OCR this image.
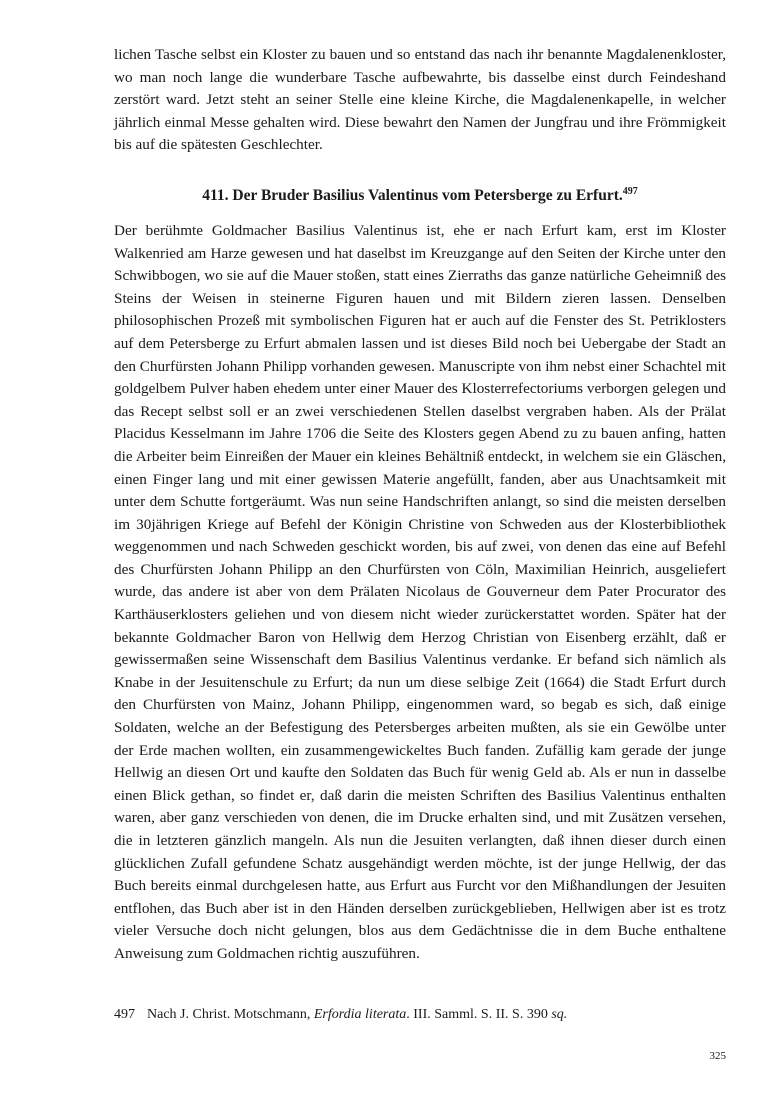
lichen Tasche selbst ein Kloster zu bauen und so entstand das nach ihr benannte Magdalenenkloster, wo man noch lange die wunderbare Tasche aufbewahrte, bis dasselbe einst durch Feindeshand zerstört ward. Jetzt steht an seiner Stelle eine kleine Kirche, die Magdalenenkapelle, in welcher jährlich einmal Messe gehalten wird. Diese bewahrt den Namen der Jungfrau und ihre Frömmigkeit bis auf die spätesten Geschlechter.

411. Der Bruder Basilius Valentinus vom Petersberge zu Erfurt.$^{497}$

Der berühmte Goldmacher Basilius Valentinus ist, ehe er nach Erfurt kam, erst im Kloster Walkenried am Harze gewesen und hat daselbst im Kreuzgange auf den Seiten der Kirche unter den Schwibbogen, wo sie auf die Mauer stoßen, statt eines Zierraths das ganze natürliche Geheimniß des Steins der Weisen in steinerne Figuren hauen und mit Bildern zieren lassen. Denselben philosophischen Prozeß mit symbolischen Figuren hat er auch auf die Fenster des St. Petriklosters auf dem Petersberge zu Erfurt abmalen lassen und ist dieses Bild noch bei Uebergabe der Stadt an den Churfürsten Johann Philipp vorhanden gewesen. Manuscripte von ihm nebst einer Schachtel mit goldgelbem Pulver haben ehedem unter einer Mauer des Klosterrefectoriums verborgen gelegen und das Recept selbst soll er an zwei verschiedenen Stellen daselbst vergraben haben. Als der Prälat Placidus Kesselmann im Jahre 1706 die Seite des Klosters gegen Abend zu zu bauen anfing, hatten die Arbeiter beim Einreißen der Mauer ein kleines Behältniß entdeckt, in welchem sie ein Gläschen, einen Finger lang und mit einer gewissen Materie angefüllt, fanden, aber aus Unachtsamkeit mit unter dem Schutte fortgeräumt. Was nun seine Handschriften anlangt, so sind die meisten derselben im 30jährigen Kriege auf Befehl der Königin Christine von Schweden aus der Klosterbibliothek weggenommen und nach Schweden geschickt worden, bis auf zwei, von denen das eine auf Befehl des Churfürsten Johann Philipp an den Churfürsten von Cöln, Maximilian Heinrich, ausgeliefert wurde, das andere ist aber von dem Prälaten Nicolaus de Gouverneur dem Pater Procurator des Karthäuserklosters geliehen und von diesem nicht wieder zurückerstattet worden. Später hat der bekannte Goldmacher Baron von Hellwig dem Herzog Christian von Eisenberg erzählt, daß er gewissermaßen seine Wissenschaft dem Basilius Valentinus verdanke. Er befand sich nämlich als Knabe in der Jesuitenschule zu Erfurt; da nun um diese selbige Zeit (1664) die Stadt Erfurt durch den Churfürsten von Mainz, Johann Philipp, eingenommen ward, so begab es sich, daß einige Soldaten, welche an der Befestigung des Petersberges arbeiten mußten, als sie ein Gewölbe unter der Erde machen wollten, ein zusammengewickeltes Buch fanden. Zufällig kam gerade der junge Hellwig an diesen Ort und kaufte den Soldaten das Buch für wenig Geld ab. Als er nun in dasselbe einen Blick gethan, so findet er, daß darin die meisten Schriften des Basilius Valentinus enthalten waren, aber ganz verschieden von denen, die im Drucke erhalten sind, und mit Zusätzen versehen, die in letzteren gänzlich mangeln. Als nun die Jesuiten verlangten, daß ihnen dieser durch einen glücklichen Zufall gefundene Schatz ausgehändigt werden möchte, ist der junge Hellwig, der das Buch bereits einmal durchgelesen hatte, aus Erfurt aus Furcht vor den Mißhandlungen der Jesuiten entflohen, das Buch aber ist in den Händen derselben zurückgeblieben, Hellwigen aber ist es trotz vieler Versuche doch nicht gelungen, blos aus dem Gedächtnisse die in dem Buche enthaltene Anweisung zum Goldmachen richtig auszuführen.

497 Nach J. Christ. Motschmann, Erfordia literata. III. Samml. S. II. S. 390 sq.
325
